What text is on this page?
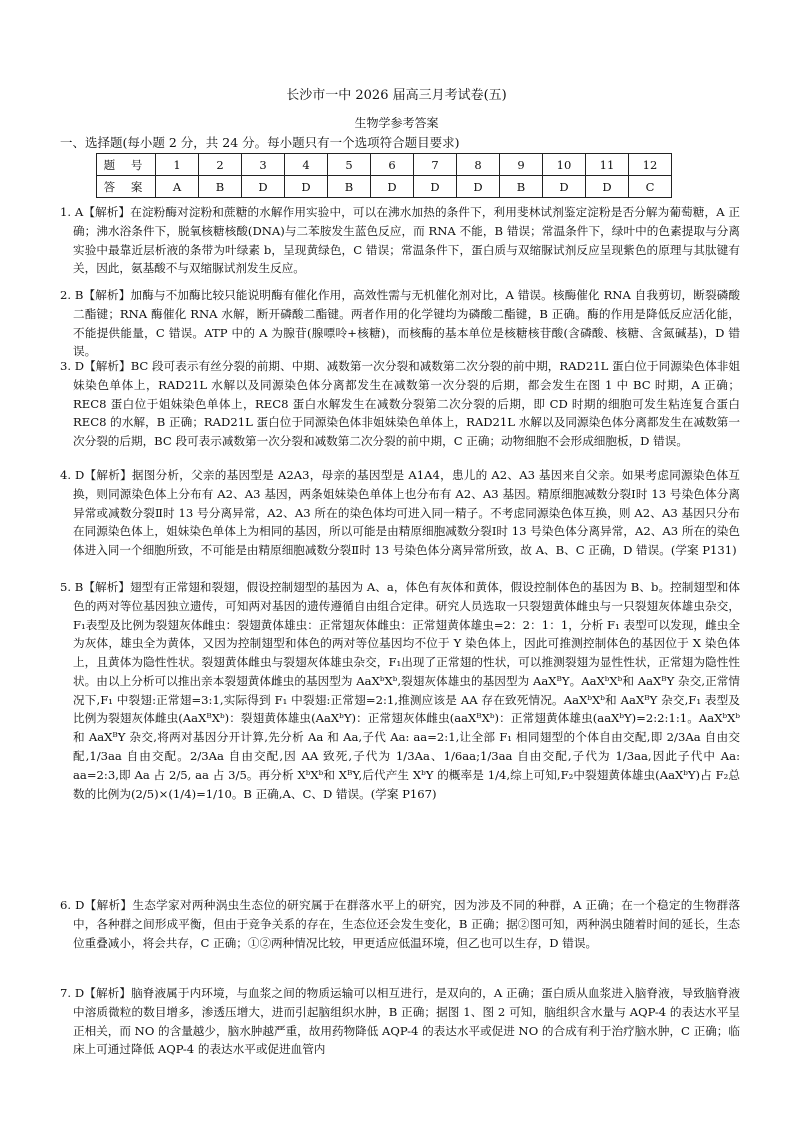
长沙市一中 2026 届高三月考试卷(五)
生物学参考答案
一、选择题(每小题 2 分，共 24 分。每小题只有一个选项符合题目要求)
题 号	1	2	3	4	5	6	7	8	9	10	11	12
答 案	A	B	D	D	B	D	D	D	B	D	D	C

1. A【解析】在淀粉酶对淀粉和蔗糖的水解作用实验中，可以在沸水加热的条件下，利用斐林试剂鉴定淀粉是否分解为葡萄糖，A 正确；沸水浴条件下，脱氧核糖核酸(DNA)与二苯胺发生蓝色反应，而 RNA 不能，B 错误；常温条件下，绿叶中的色素提取与分离实验中最靠近层析液的条带为叶绿素 b，呈现黄绿色，C 错误；常温条件下，蛋白质与双缩脲试剂反应呈现紫色的原理与其肽键有关，因此，氨基酸不与双缩脲试剂发生反应。

2. B【解析】加酶与不加酶比较只能说明酶有催化作用，高效性需与无机催化剂对比，A 错误。核酶催化 RNA 自我剪切，断裂磷酸二酯键；RNA 酶催化 RNA 水解，断开磷酸二酯键。两者作用的化学键均为磷酸二酯键，B 正确。酶的作用是降低反应活化能，不能提供能量，C 错误。ATP 中的 A 为腺苷(腺嘌呤+核糖)，而核酶的基本单位是核糖核苷酸(含磷酸、核糖、含氮碱基)，D 错误。

3. D【解析】BC 段可表示有丝分裂的前期、中期、减数第一次分裂和减数第二次分裂的前中期，RAD21L 蛋白位于同源染色体非姐妹染色单体上，RAD21L 水解以及同源染色体分离都发生在减数第一次分裂的后期，都会发生在图 1 中 BC 时期，A 正确；REC8 蛋白位于姐妹染色单体上，REC8 蛋白水解发生在减数分裂第二次分裂的后期，即 CD 时期的细胞可发生粘连复合蛋白 REC8 的水解，B 正确；RAD21L 蛋白位于同源染色体非姐妹染色单体上，RAD21L 水解以及同源染色体分离都发生在减数第一次分裂的后期，BC 段可表示减数第一次分裂和减数第二次分裂的前中期，C 正确；动物细胞不会形成细胞板，D 错误。

4. D【解析】据图分析，父亲的基因型是 A2A3，母亲的基因型是 A1A4，患儿的 A2、A3 基因来自父亲。如果考虑同源染色体互换，则同源染色体上分布有 A2、A3 基因，两条姐妹染色单体上也分布有 A2、A3 基因。精原细胞减数分裂Ⅰ时 13 号染色体分离异常或减数分裂Ⅱ时 13 号分离异常，A2、A3 所在的染色体均可进入同一精子。不考虑同源染色体互换，则 A2、A3 基因只分布在同源染色体上，姐妹染色单体上为相同的基因，所以可能是由精原细胞减数分裂Ⅰ时 13 号染色体分离异常，A2、A3 所在的染色体进入同一个细胞所致，不可能是由精原细胞减数分裂Ⅱ时 13 号染色体分离异常所致，故 A、B、C 正确，D 错误。(学案 P131)

5. B【解析】翅型有正常翅和裂翅，假设控制翅型的基因为 A、a，体色有灰体和黄体，假设控制体色的基因为 B、b。控制翅型和体色的两对等位基因独立遗传，可知两对基因的遗传遵循自由组合定律。研究人员选取一只裂翅黄体雌虫与一只裂翅灰体雄虫杂交，F₁表型及比例为裂翅灰体雌虫：裂翅黄体雄虫：正常翅灰体雌虫：正常翅黄体雄虫=2：2：1：1，分析 F₁ 表型可以发现，雌虫全为灰体，雄虫全为黄体，又因为控制翅型和体色的两对等位基因均不位于 Y 染色体上，因此可推测控制体色的基因位于 X 染色体上，且黄体为隐性性状。裂翅黄体雌虫与裂翅灰体雄虫杂交，F₁出现了正常翅的性状，可以推测裂翅为显性性状，正常翅为隐性性状。由以上分析可以推出亲本裂翅黄体雌虫的基因型为 AaXᵇXᵇ,裂翅灰体雄虫的基因型为 AaXᴮY。AaXᵇXᵇ和 AaXᴮY 杂交,正常情况下,F₁ 中裂翅:正常翅=3:1,实际得到 F₁ 中裂翅:正常翅=2:1,推测应该是 AA 存在致死情况。AaXᵇXᵇ和 AaXᴮY 杂交,F₁ 表型及比例为裂翅灰体雌虫(AaXᴮXᵇ)：裂翅黄体雄虫(AaXᵇY)：正常翅灰体雌虫(aaXᴮXᵇ)：正常翅黄体雄虫(aaXᵇY)=2:2:1:1。AaXᵇXᵇ和 AaXᴮY 杂交,将两对基因分开计算,先分析 Aa 和 Aa,子代 Aa: aa=2:1,让全部 F₁ 相同翅型的个体自由交配,即 2/3Aa 自由交配,1/3aa 自由交配。2/3Aa 自由交配,因 AA 致死,子代为 1/3Aa、1/6aa;1/3aa 自由交配,子代为 1/3aa,因此子代中 Aa: aa=2:3,即 Aa 占 2/5, aa 占 3/5。再分析 XᵇXᵇ和 XᴮY,后代产生 XᵇY 的概率是 1/4,综上可知,F₂中裂翅黄体雄虫(AaXᵇY)占 F₂总数的比例为(2/5)×(1/4)=1/10。B 正确,A、C、D 错误。(学案 P167)

6. D【解析】生态学家对两种涡虫生态位的研究属于在群落水平上的研究，因为涉及不同的种群，A 正确；在一个稳定的生物群落中，各种群之间形成平衡，但由于竞争关系的存在，生态位还会发生变化，B 正确；据②图可知，两种涡虫随着时间的延长，生态位重叠减小，将会共存，C 正确；①②两种情况比较，甲更适应低温环境，但乙也可以生存，D 错误。

7. D【解析】脑脊液属于内环境，与血浆之间的物质运输可以相互进行，是双向的，A 正确；蛋白质从血浆进入脑脊液，导致脑脊液中溶质微粒的数目增多，渗透压增大，进而引起脑组织水肿，B 正确；据图 1、图 2 可知，脑组织含水量与 AQP-4 的表达水平呈正相关，而 NO 的含量越少，脑水肿越严重，故用药物降低 AQP-4 的表达水平或促进 NO 的合成有利于治疗脑水肿，C 正确；临床上可通过降低 AQP-4 的表达水平或促进血管内
